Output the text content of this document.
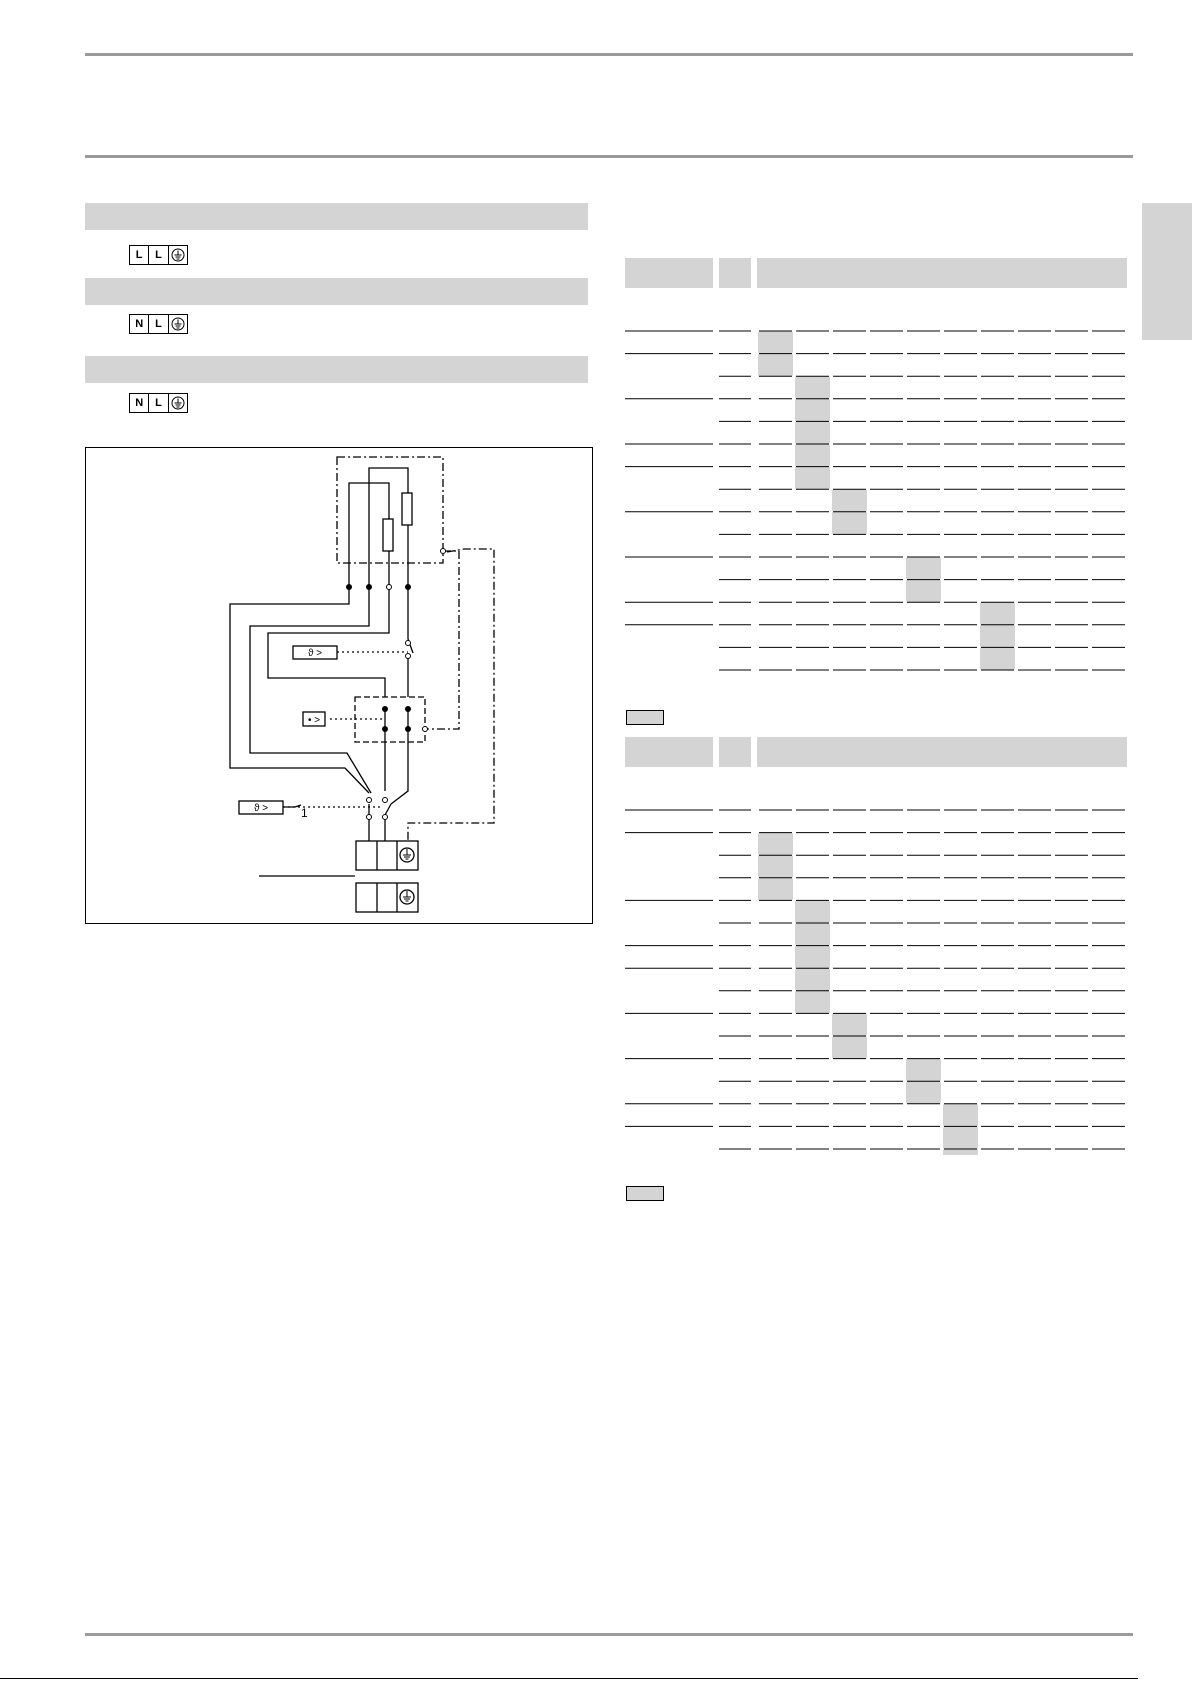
L	L
N	L
N	L
ϑ >
• >
ϑ >	1
